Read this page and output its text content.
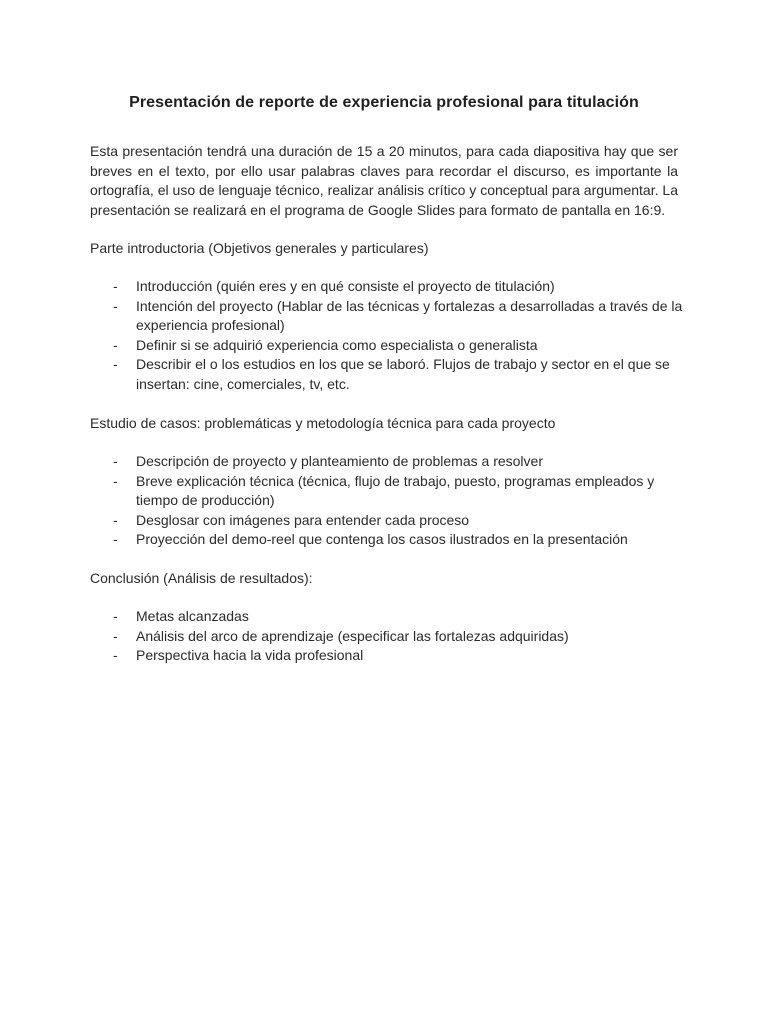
Presentación de reporte de experiencia profesional para titulación
Esta presentación tendrá una duración de 15 a 20 minutos, para cada diapositiva hay que ser breves en el texto, por ello usar palabras claves para recordar el discurso, es importante la ortografía, el uso de lenguaje técnico, realizar análisis crítico y conceptual para argumentar. La presentación se realizará en el programa de Google Slides para formato de pantalla en 16:9.
Parte introductoria (Objetivos generales y particulares)
- Introducción (quién eres y en qué consiste el proyecto de titulación)
- Intención del proyecto (Hablar de las técnicas y fortalezas a desarrolladas a través de la experiencia profesional)
- Definir si se adquirió experiencia como especialista o generalista
- Describir el o los estudios en los que se laboró. Flujos de trabajo y sector en el que se insertan: cine, comerciales, tv, etc.
Estudio de casos: problemáticas y metodología técnica para cada proyecto
- Descripción de proyecto y planteamiento de problemas a resolver
- Breve explicación técnica (técnica, flujo de trabajo, puesto, programas empleados y tiempo de producción)
- Desglosar con imágenes para entender cada proceso
- Proyección del demo-reel que contenga los casos ilustrados en la presentación
Conclusión (Análisis de resultados):
- Metas alcanzadas
- Análisis del arco de aprendizaje (especificar las fortalezas adquiridas)
- Perspectiva hacia la vida profesional
